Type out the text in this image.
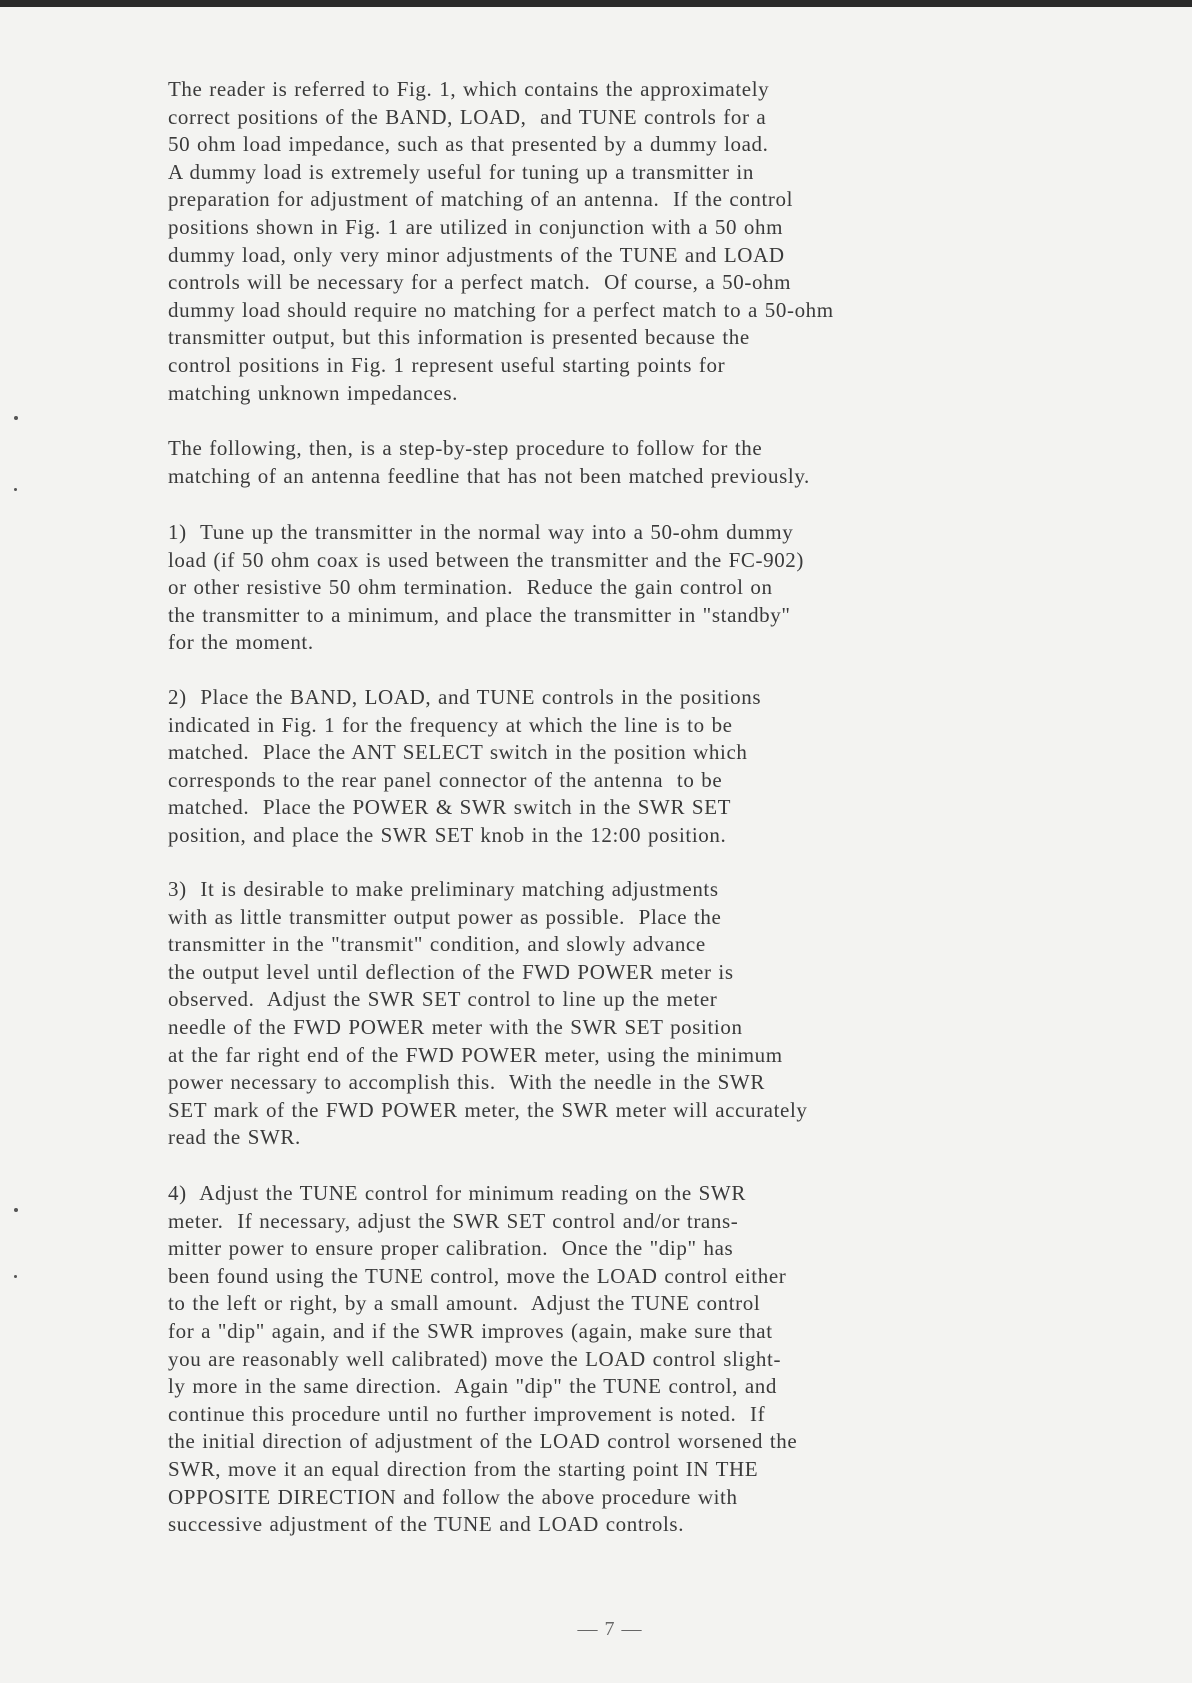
The reader is referred to Fig. 1, which contains the approximately
correct positions of the BAND, LOAD,  and TUNE controls for a
50 ohm load impedance, such as that presented by a dummy load.
A dummy load is extremely useful for tuning up a transmitter in
preparation for adjustment of matching of an antenna.  If the control
positions shown in Fig. 1 are utilized in conjunction with a 50 ohm
dummy load, only very minor adjustments of the TUNE and LOAD
controls will be necessary for a perfect match.  Of course, a 50-ohm
dummy load should require no matching for a perfect match to a 50-ohm
transmitter output, but this information is presented because the
control positions in Fig. 1 represent useful starting points for
matching unknown impedances.
The following, then, is a step-by-step procedure to follow for the
matching of an antenna feedline that has not been matched previously.
1)  Tune up the transmitter in the normal way into a 50-ohm dummy
load (if 50 ohm coax is used between the transmitter and the FC-902)
or other resistive 50 ohm termination.  Reduce the gain control on
the transmitter to a minimum, and place the transmitter in "standby"
for the moment.
2)  Place the BAND, LOAD, and TUNE controls in the positions
indicated in Fig. 1 for the frequency at which the line is to be
matched.  Place the ANT SELECT switch in the position which
corresponds to the rear panel connector of the antenna  to be
matched.  Place the POWER & SWR switch in the SWR SET
position, and place the SWR SET knob in the 12:00 position.
3)  It is desirable to make preliminary matching adjustments
with as little transmitter output power as possible.  Place the
transmitter in the "transmit" condition, and slowly advance
the output level until deflection of the FWD POWER meter is
observed.  Adjust the SWR SET control to line up the meter
needle of the FWD POWER meter with the SWR SET position
at the far right end of the FWD POWER meter, using the minimum
power necessary to accomplish this.  With the needle in the SWR
SET mark of the FWD POWER meter, the SWR meter will accurately
read the SWR.
4)  Adjust the TUNE control for minimum reading on the SWR
meter.  If necessary, adjust the SWR SET control and/or trans-
mitter power to ensure proper calibration.  Once the "dip" has
been found using the TUNE control, move the LOAD control either
to the left or right, by a small amount.  Adjust the TUNE control
for a "dip" again, and if the SWR improves (again, make sure that
you are reasonably well calibrated) move the LOAD control slight-
ly more in the same direction.  Again "dip" the TUNE control, and
continue this procedure until no further improvement is noted.  If
the initial direction of adjustment of the LOAD control worsened the
SWR, move it an equal direction from the starting point IN THE
OPPOSITE DIRECTION and follow the above procedure with
successive adjustment of the TUNE and LOAD controls.
— 7 —
